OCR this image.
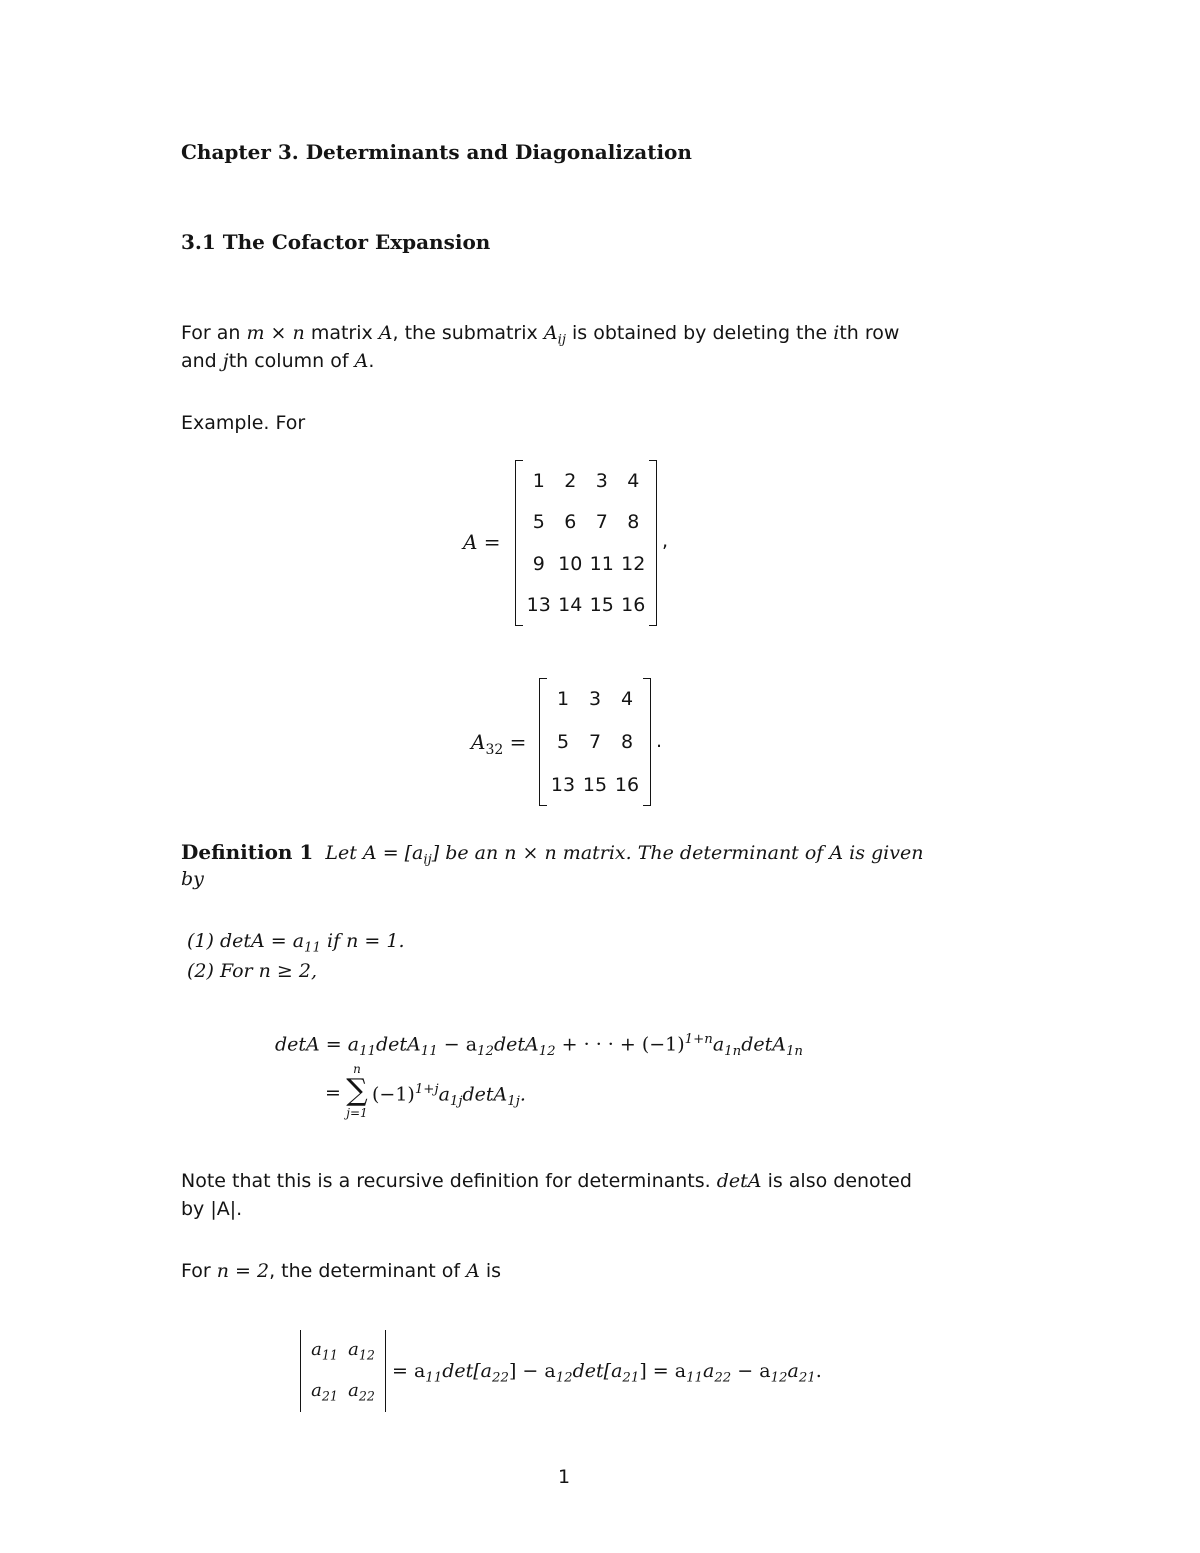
Chapter 3. Determinants and Diagonalization
3.1 The Cofactor Expansion
For an m × n matrix A, the submatrix $A_{ij}$ is obtained by deleting the ith row
and jth column of A.
Example. For
A =
1	2	3	4
5	6	7	8
9	10	11	12
13	14	15	16
,
$A_{32}$ =
1	3	4
5	7	8
13	15	16
.
Definition 1 Let $A = [a_{ij}]$ be an n × n matrix. The determinant of A is given
by
(1) $\det A = a_{11}$ if n = 1.
(2) For n ≥ 2,
$\det A = a_{11}\det A_{11} - a_{12}\det A_{12}$ + · · · + $(-1)^{1+n}a_{1n}\det A_{1n}$
=
n
∑
j=1
$(-1)^{1+j}a_{1j}\det A_{1j}$.
Note that this is a recursive definition for determinants. detA is also denoted
by |A|.
For n = 2, the determinant of A is
$a_{11}$	$a_{12}$
$a_{21}$	$a_{22}$
= $a_{11}\det[a_{22}] - a_{12}\det[a_{21}] = a_{11}a_{22} - a_{12}a_{21}$.
1
